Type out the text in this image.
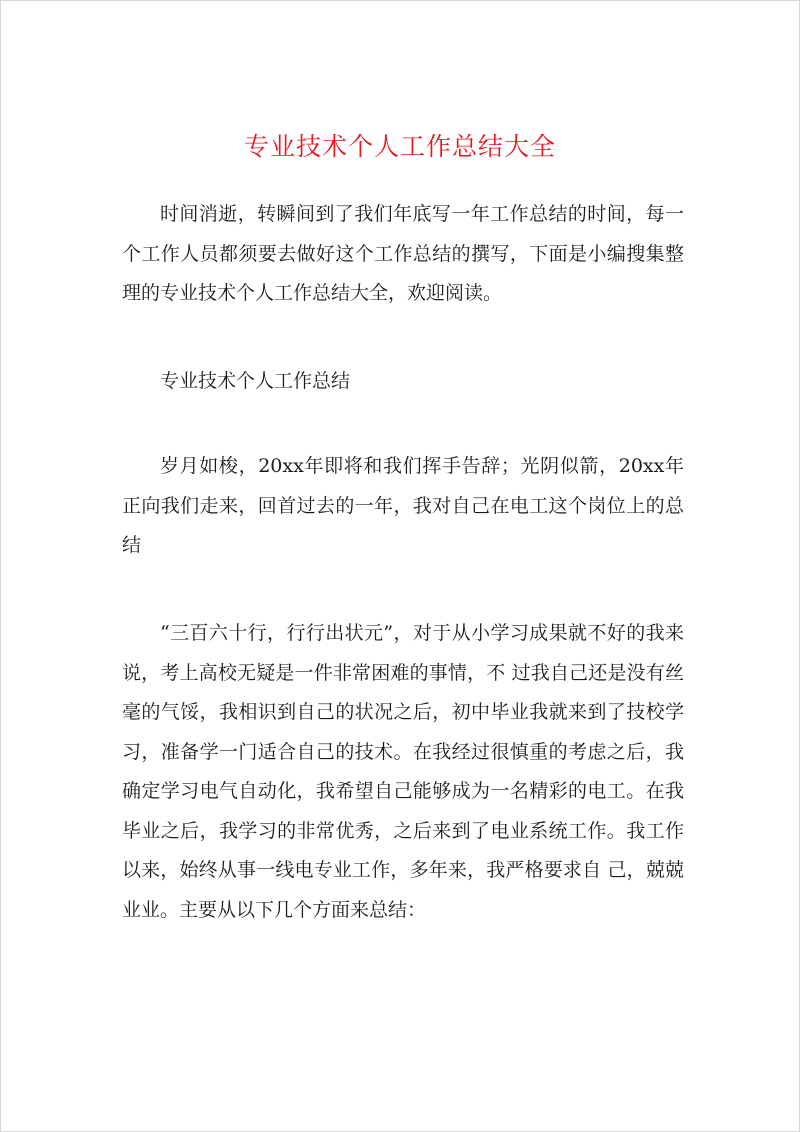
专业技术个人工作总结大全

时间消逝，转瞬间到了我们年底写一年工作总结的时间，每一个工作人员都须要去做好这个工作总结的撰写，下面是小编搜集整理的专业技术个人工作总结大全，欢迎阅读。

专业技术个人工作总结

岁月如梭，20xx年即将和我们挥手告辞；光阴似箭，20xx年正向我们走来，回首过去的一年，我对自己在电工这个岗位上的总结

“三百六十行，行行出状元”，对于从小学习成果就不好的我来说，考上高校无疑是一件非常困难的事情，不 过我自己还是没有丝毫的气馁，我相识到自己的状况之后，初中毕业我就来到了技校学习，准备学一门适合自己的技术。在我经过很慎重的考虑之后，我确定学习电气自动化，我希望自己能够成为一名精彩的电工。在我毕业之后，我学习的非常优秀，之后来到了电业系统工作。我工作以来，始终从事一线电专业工作，多年来，我严格要求自 己，兢兢业业。主要从以下几个方面来总结：
